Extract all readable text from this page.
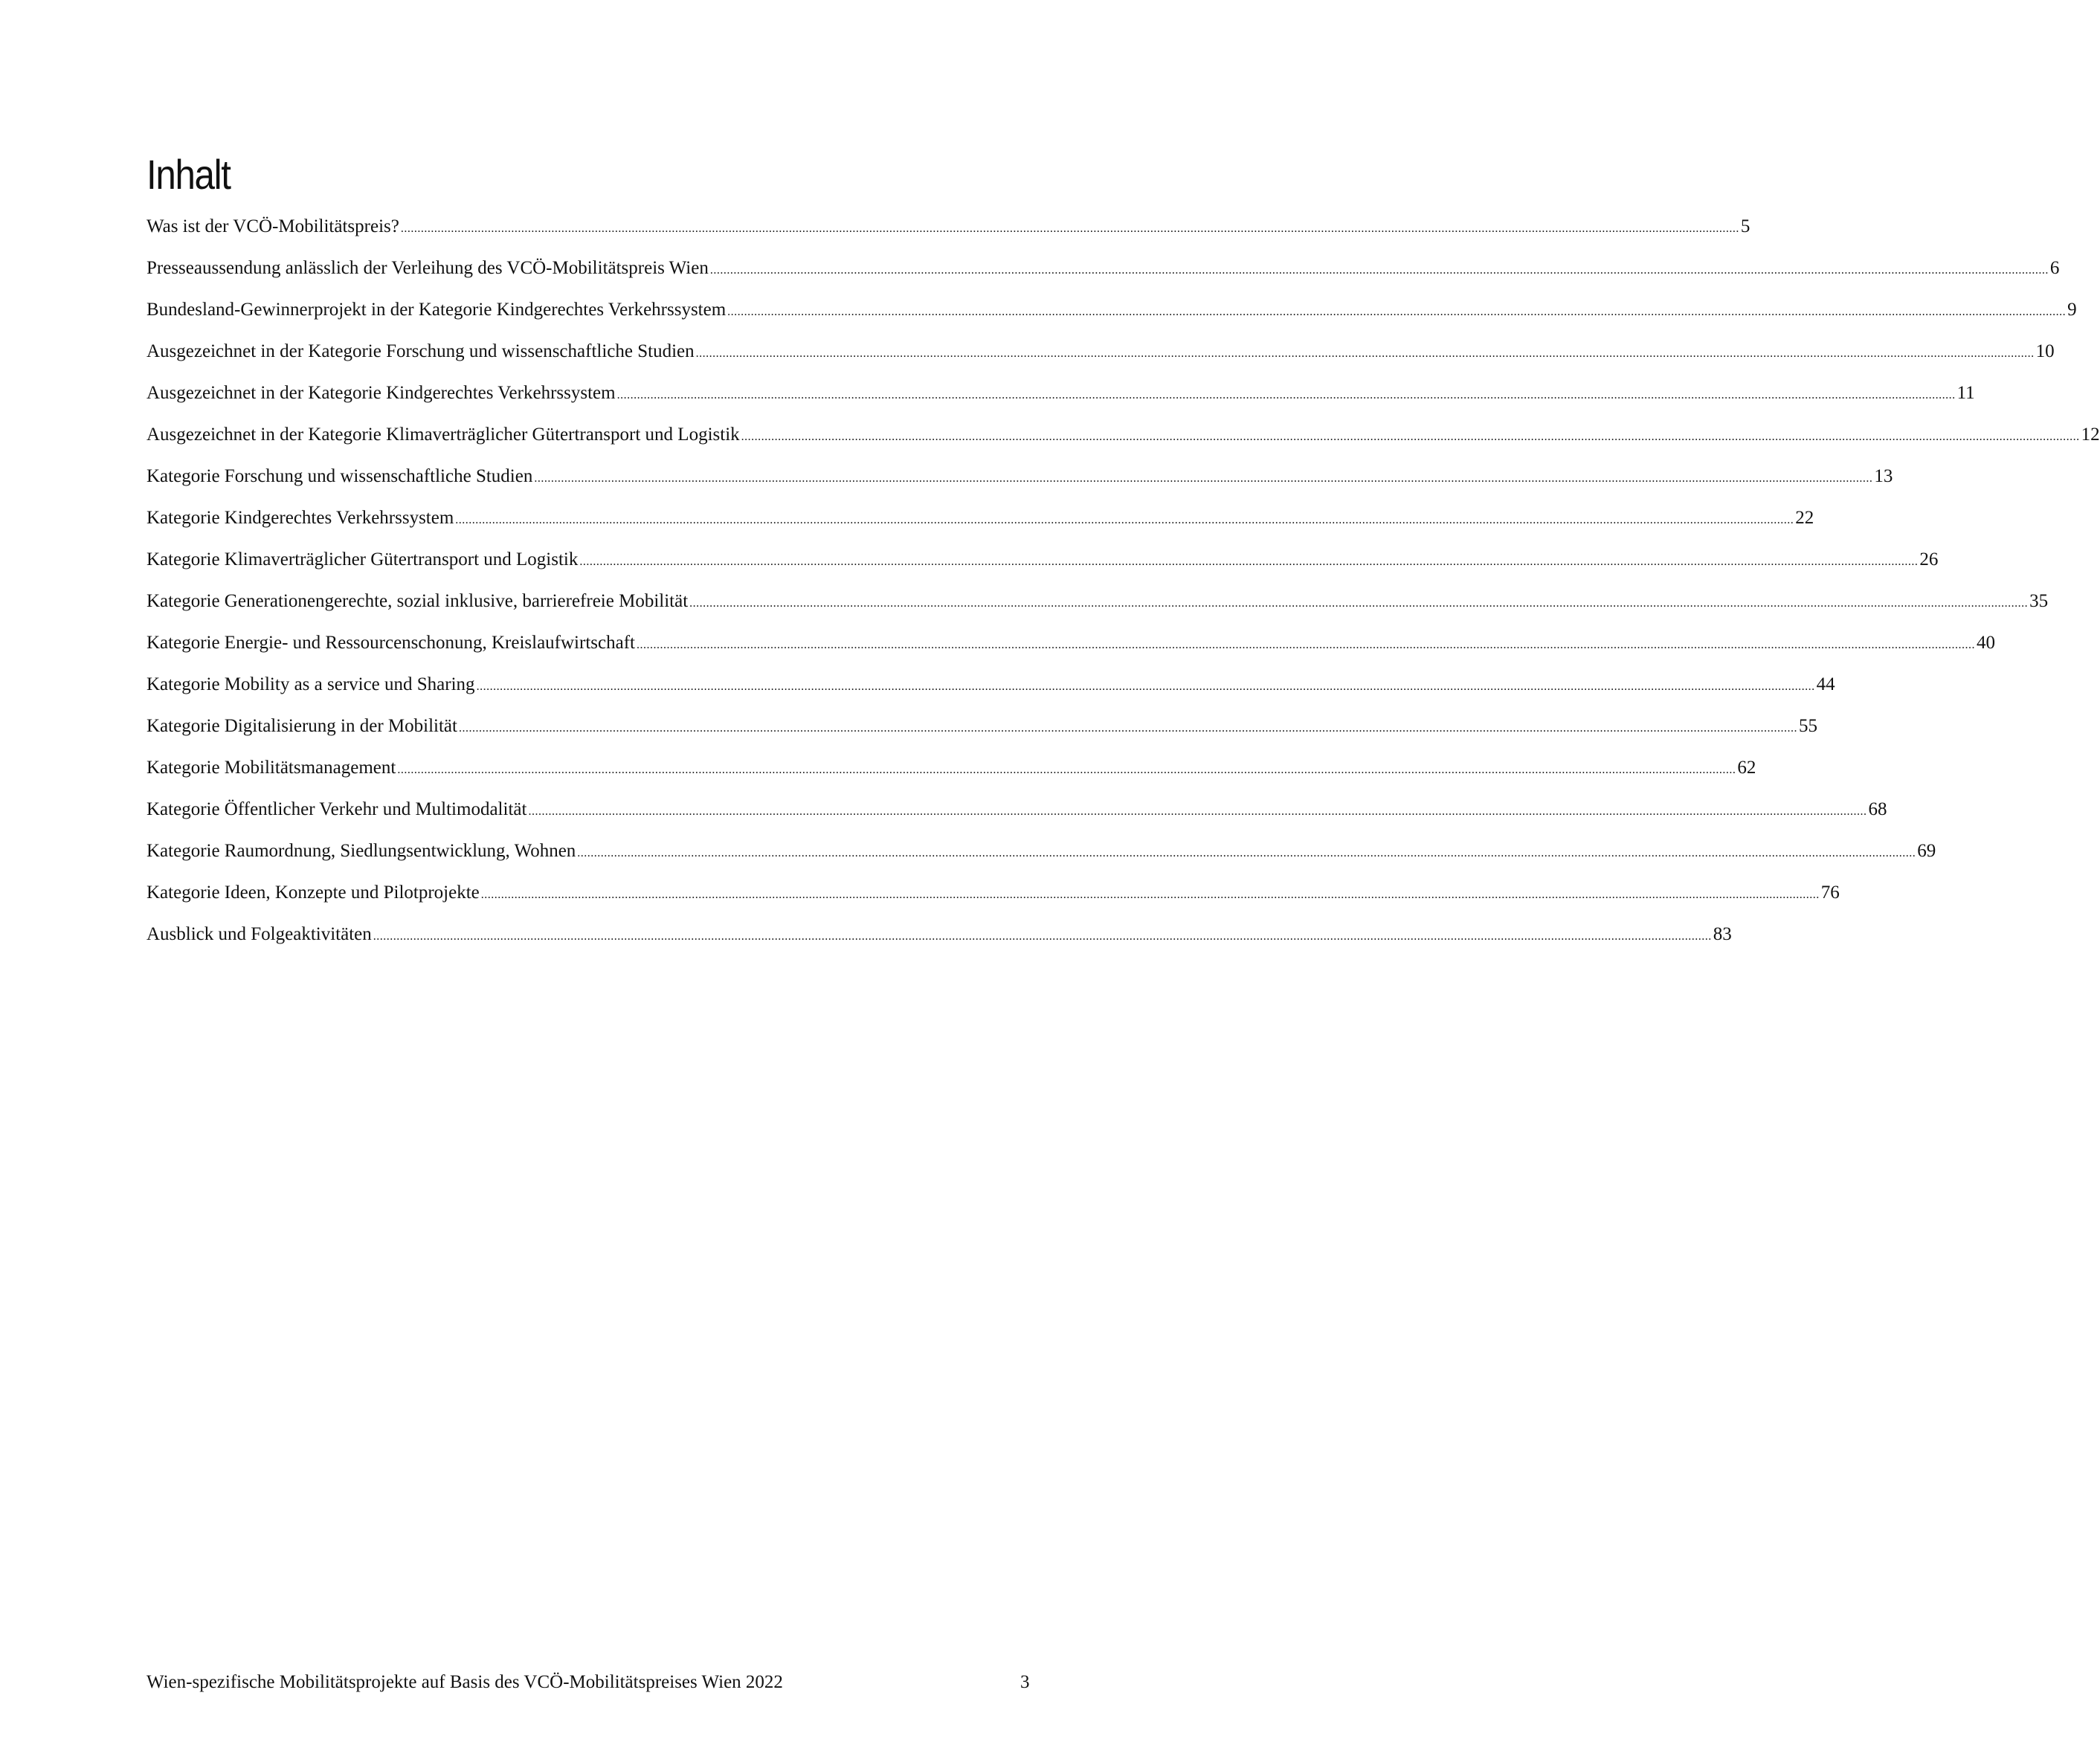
Inhalt
Was ist der VCÖ-Mobilitätspreis? ................................................................................................................................................................................................................................................................................................................................................................................................................ 5
Presseaussendung anlässlich der Verleihung des VCÖ-Mobilitätspreis Wien ................................................................................................................................................................................................................................................................................................................................................................................................................ 6
Bundesland-Gewinnerprojekt in der Kategorie Kindgerechtes Verkehrssystem ................................................................................................................................................................................................................................................................................................................................................................................................................ 9
Ausgezeichnet in der Kategorie Forschung und wissenschaftliche Studien ................................................................................................................................................................................................................................................................................................................................................................................................................ 10
Ausgezeichnet in der Kategorie Kindgerechtes Verkehrssystem ................................................................................................................................................................................................................................................................................................................................................................................................................ 11
Ausgezeichnet in der Kategorie Klimaverträglicher Gütertransport und Logistik ................................................................................................................................................................................................................................................................................................................................................................................................................ 12
Kategorie Forschung und wissenschaftliche Studien ................................................................................................................................................................................................................................................................................................................................................................................................................ 13
Kategorie Kindgerechtes Verkehrssystem ................................................................................................................................................................................................................................................................................................................................................................................................................ 22
Kategorie Klimaverträglicher Gütertransport und Logistik ................................................................................................................................................................................................................................................................................................................................................................................................................ 26
Kategorie Generationengerechte, sozial inklusive, barrierefreie Mobilität ................................................................................................................................................................................................................................................................................................................................................................................................................ 35
Kategorie Energie- und Ressourcenschonung, Kreislaufwirtschaft ................................................................................................................................................................................................................................................................................................................................................................................................................ 40
Kategorie Mobility as a service und Sharing ................................................................................................................................................................................................................................................................................................................................................................................................................ 44
Kategorie Digitalisierung in der Mobilität ................................................................................................................................................................................................................................................................................................................................................................................................................ 55
Kategorie Mobilitätsmanagement ................................................................................................................................................................................................................................................................................................................................................................................................................ 62
Kategorie Öffentlicher Verkehr und Multimodalität ................................................................................................................................................................................................................................................................................................................................................................................................................ 68
Kategorie Raumordnung, Siedlungsentwicklung, Wohnen ................................................................................................................................................................................................................................................................................................................................................................................................................ 69
Kategorie Ideen, Konzepte und Pilotprojekte ................................................................................................................................................................................................................................................................................................................................................................................................................ 76
Ausblick und Folgeaktivitäten ................................................................................................................................................................................................................................................................................................................................................................................................................ 83
Wien-spezifische Mobilitätsprojekte auf Basis des VCÖ-Mobilitätspreises Wien 2022	3
